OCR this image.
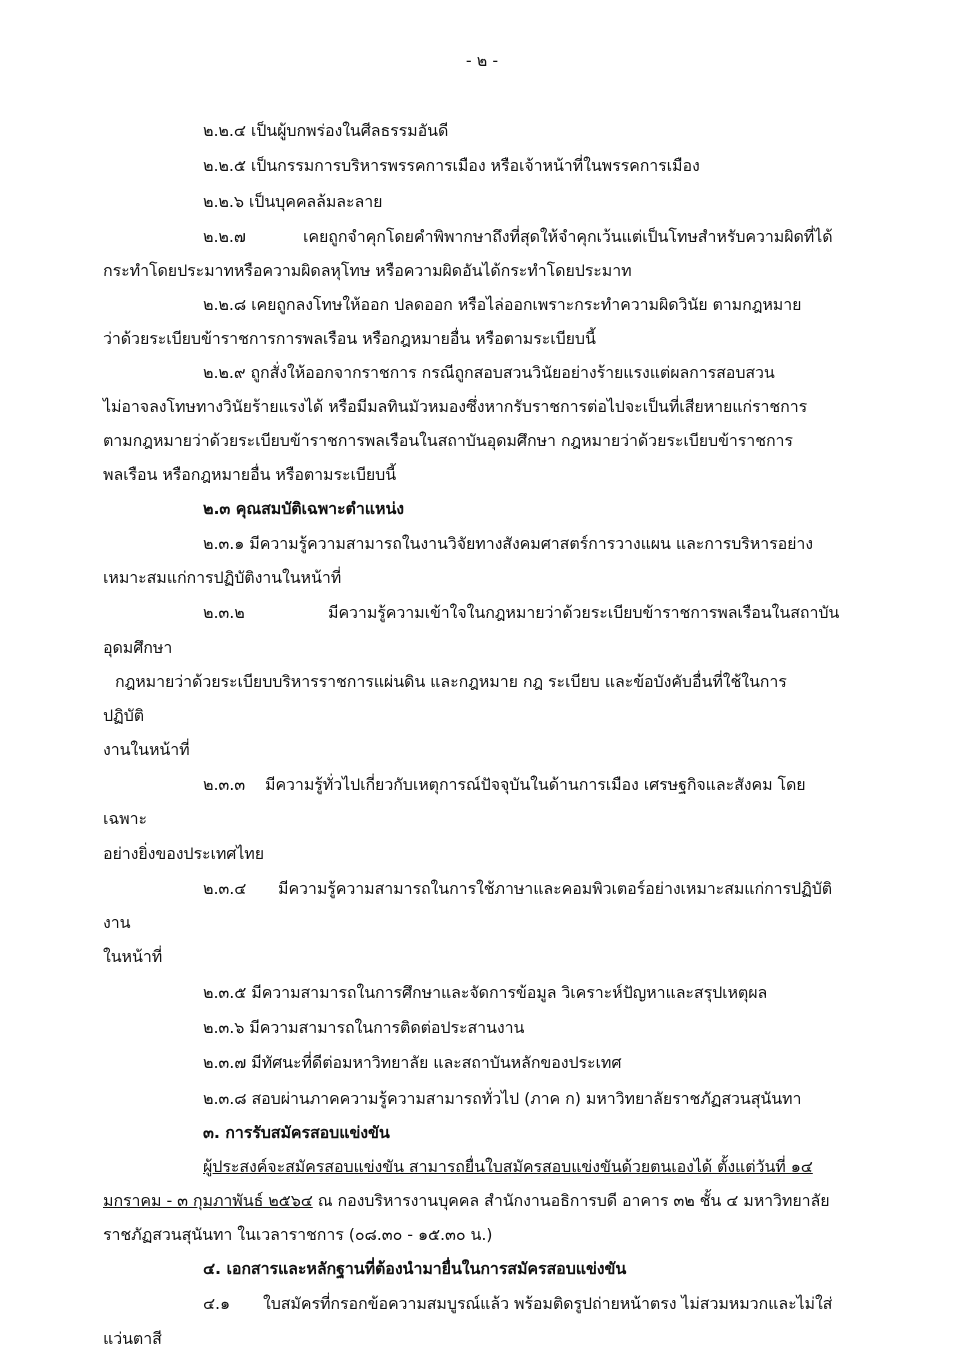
- ๒ -
๒.๒.๔ เป็นผู้บกพร่องในศีลธรรมอันดี
๒.๒.๕ เป็นกรรมการบริหารพรรคการเมือง หรือเจ้าหน้าที่ในพรรคการเมือง
๒.๒.๖ เป็นบุคคลล้มละลาย
๒.๒.๗	เคยถูกจำคุกโดยคำพิพากษาถึงที่สุดให้จำคุกเว้นแต่เป็นโทษสำหรับความผิดที่ได้
กระทำโดยประมาทหรือความผิดลหุโทษ หรือความผิดอันได้กระทำโดยประมาท
๒.๒.๘ เคยถูกลงโทษให้ออก ปลดออก หรือไล่ออกเพราะกระทำความผิดวินัย ตามกฎหมาย
ว่าด้วยระเบียบข้าราชการการพลเรือน หรือกฎหมายอื่น หรือตามระเบียบนี้
๒.๒.๙ ถูกสั่งให้ออกจากราชการ กรณีถูกสอบสวนวินัยอย่างร้ายแรงแต่ผลการสอบสวน
ไม่อาจลงโทษทางวินัยร้ายแรงได้ หรือมีมลทินมัวหมองซึ่งหากรับราชการต่อไปจะเป็นที่เสียหายแก่ราชการ
ตามกฎหมายว่าด้วยระเบียบข้าราชการพลเรือนในสถาบันอุดมศึกษา กฎหมายว่าด้วยระเบียบข้าราชการ
พลเรือน หรือกฎหมายอื่น หรือตามระเบียบนี้
๒.๓ คุณสมบัติเฉพาะตำแหน่ง
๒.๓.๑ มีความรู้ความสามารถในงานวิจัยทางสังคมศาสตร์การวางแผน และการบริหารอย่าง
เหมาะสมแก่การปฏิบัติงานในหน้าที่
๒.๓.๒	มีความรู้ความเข้าใจในกฎหมายว่าด้วยระเบียบข้าราชการพลเรือนในสถาบัน
อุดมศึกษา
กฎหมายว่าด้วยระเบียบบริหารราชการแผ่นดิน และกฎหมาย กฎ ระเบียบ และข้อบังคับอื่นที่ใช้ในการ
ปฏิบัติ
งานในหน้าที่
๒.๓.๓ มีความรู้ทั่วไปเกี่ยวกับเหตุการณ์ปัจจุบันในด้านการเมือง เศรษฐกิจและสังคม โดย
เฉพาะ
อย่างยิ่งของประเทศไทย
๒.๓.๔ มีความรู้ความสามารถในการใช้ภาษาและคอมพิวเตอร์อย่างเหมาะสมแก่การปฏิบัติ
งาน
ในหน้าที่
๒.๓.๕ มีความสามารถในการศึกษาและจัดการข้อมูล วิเคราะห์ปัญหาและสรุปเหตุผล
๒.๓.๖ มีความสามารถในการติดต่อประสานงาน
๒.๓.๗ มีทัศนะที่ดีต่อมหาวิทยาลัย และสถาบันหลักของประเทศ
๒.๓.๘ สอบผ่านภาคความรู้ความสามารถทั่วไป (ภาค ก) มหาวิทยาลัยราชภัฏสวนสุนันทา
๓. การรับสมัครสอบแข่งขัน
ผู้ประสงค์จะสมัครสอบแข่งขัน สามารถยื่นใบสมัครสอบแข่งขันด้วยตนเองได้ ตั้งแต่วันที่ ๑๔
มกราคม - ๓ กุมภาพันธ์ ๒๕๖๔ ณ กองบริหารงานบุคคล สำนักงานอธิการบดี อาคาร ๓๒ ชั้น ๔ มหาวิทยาลัย
ราชภัฏสวนสุนันทา ในเวลาราชการ (๐๘.๓๐ - ๑๕.๓๐ น.)
๔. เอกสารและหลักฐานที่ต้องนำมายื่นในการสมัครสอบแข่งขัน
๔.๑ ใบสมัครที่กรอกข้อความสมบูรณ์แล้ว พร้อมติดรูปถ่ายหน้าตรง ไม่สวมหมวกและไม่ใส่
แว่นตาสี
